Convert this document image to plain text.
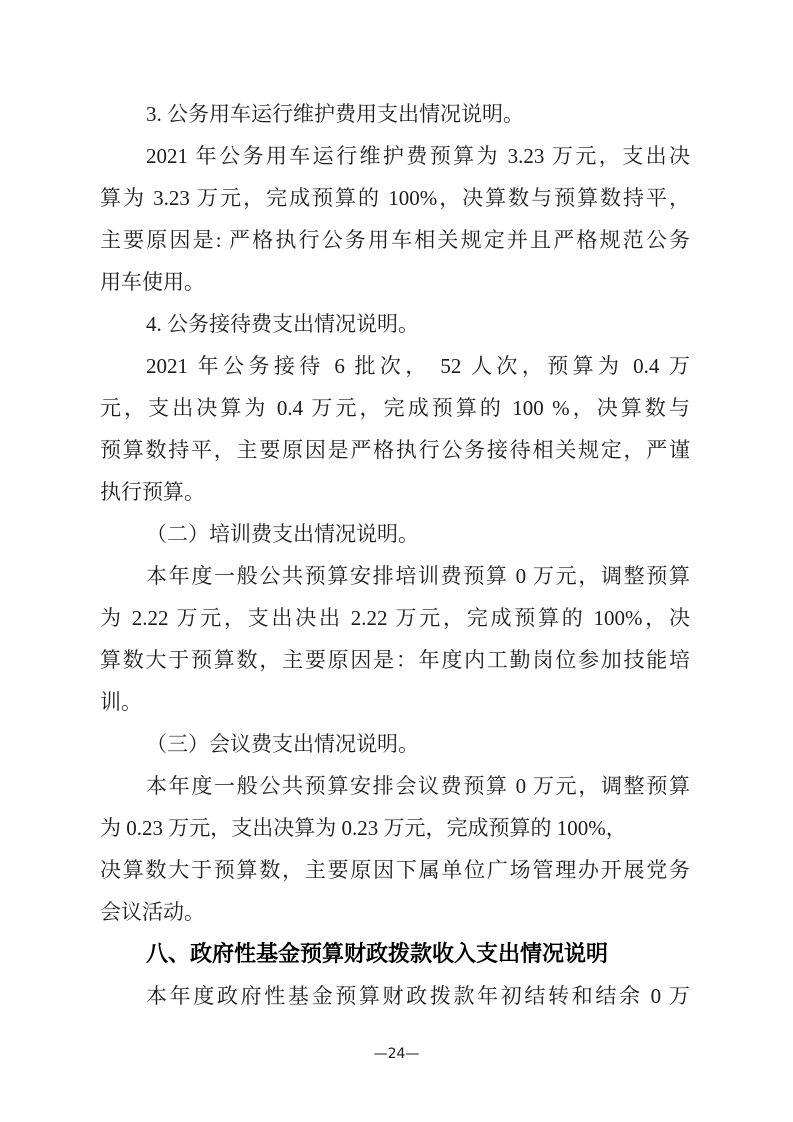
3. 公务用车运行维护费用支出情况说明。
2021 年公务用车运行维护费预算为 3.23 万元，支出决
算为 3.23 万元，完成预算的 100%，决算数与预算数持平，
主要原因是: 严格执行公务用车相关规定并且严格规范公务
用车使用。
4. 公务接待费支出情况说明。
2021 年公务接待 6 批次， 52 人次，预算为 0.4 万
元，支出决算为 0.4 万元，完成预算的 100 %，决算数与
预算数持平，主要原因是严格执行公务接待相关规定，严谨
执行预算。
（二）培训费支出情况说明。
本年度一般公共预算安排培训费预算 0 万元，调整预算
为 2.22 万元，支出决出 2.22 万元，完成预算的 100%，决
算数大于预算数，主要原因是：年度内工勤岗位参加技能培
训。
（三）会议费支出情况说明。
本年度一般公共预算安排会议费预算 0 万元，调整预算
为 0.23 万元，支出决算为 0.23 万元，完成预算的 100%，
决算数大于预算数，主要原因下属单位广场管理办开展党务
会议活动。
八、政府性基金预算财政拨款收入支出情况说明
本年度政府性基金预算财政拨款年初结转和结余 0 万
—24—
